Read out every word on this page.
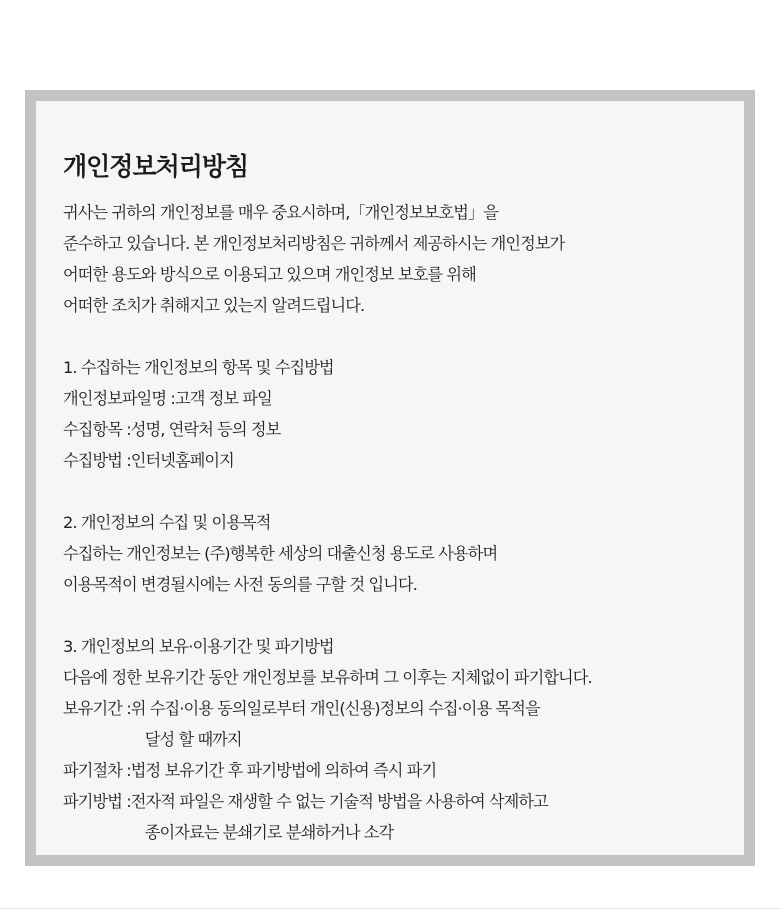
개인정보처리방침

귀사는 귀하의 개인정보를 매우 중요시하며,「개인정보보호법」을

준수하고 있습니다. 본 개인정보처리방침은 귀하께서 제공하시는 개인정보가

어떠한 용도와 방식으로 이용되고 있으며 개인정보 보호를 위해

어떠한 조치가 취해지고 있는지 알려드립니다.

1. 수집하는 개인정보의 항목 및 수집방법

개인정보파일명 : 고객 정보 파일

수집항목 : 성명, 연락처 등의 정보

수집방법 : 인터넷홈페이지

2. 개인정보의 수집 및 이용목적

수집하는 개인정보는 (주)행복한 세상의 대출신청 용도로 사용하며

이용목적이 변경될시에는 사전 동의를 구할 것 입니다.

3. 개인정보의 보유·이용기간 및 파기방법

다음에 정한 보유기간 동안 개인정보를 보유하며 그 이후는 지체없이 파기합니다.

보유기간 : 위 수집·이용 동의일로부터 개인(신용)정보의 수집·이용 목적을
달성 할 때까지

파기절차 : 법정 보유기간 후 파기방법에 의하여 즉시 파기

파기방법 : 전자적 파일은 재생할 수 없는 기술적 방법을 사용하여 삭제하고
종이자료는 분쇄기로 분쇄하거나 소각
